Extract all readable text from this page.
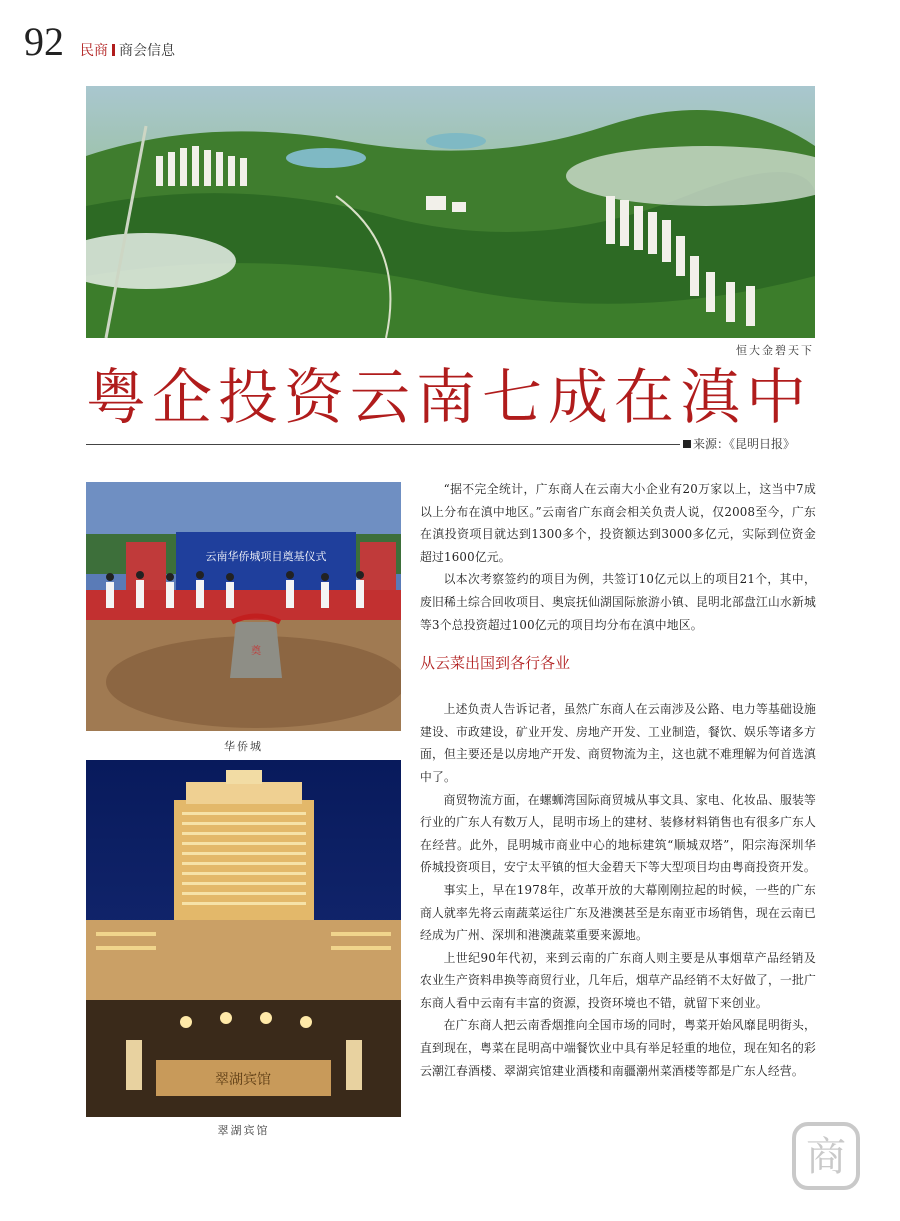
92 民商 商会信息
恒大金碧天下
粤企投资云南七成在滇中
来源：《昆明日报》
云南华侨城项目奠基仪式
奠
华侨城
翠湖宾馆
翠湖宾馆

“据不完全统计，广东商人在云南大小企业有20万家以上，这当中7成以上分布在滇中地区。”云南省广东商会相关负责人说，仅2008至今，广东在滇投资项目就达到1300多个，投资额达到3000多亿元，实际到位资金超过1600亿元。

以本次考察签约的项目为例，共签订10亿元以上的项目21个，其中，废旧稀土综合回收项目、奥宸抚仙湖国际旅游小镇、昆明北部盘江山水新城等3个总投资超过100亿元的项目均分布在滇中地区。

从云菜出国到各行各业

上述负责人告诉记者，虽然广东商人在云南涉及公路、电力等基础设施建设、市政建设，矿业开发、房地产开发、工业制造，餐饮、娱乐等诸多方面，但主要还是以房地产开发、商贸物流为主，这也就不难理解为何首选滇中了。

商贸物流方面，在螺蛳湾国际商贸城从事文具、家电、化妆品、服装等行业的广东人有数万人，昆明市场上的建材、装修材料销售也有很多广东人在经营。此外，昆明城市商业中心的地标建筑“顺城双塔”，阳宗海深圳华侨城投资项目，安宁太平镇的恒大金碧天下等大型项目均由粤商投资开发。

事实上，早在1978年，改革开放的大幕刚刚拉起的时候，一些的广东商人就率先将云南蔬菜运往广东及港澳甚至是东南亚市场销售，现在云南已经成为广州、深圳和港澳蔬菜重要来源地。

上世纪90年代初，来到云南的广东商人则主要是从事烟草产品经销及农业生产资料串换等商贸行业，几年后，烟草产品经销不太好做了，一批广东商人看中云南有丰富的资源，投资环境也不错，就留下来创业。

在广东商人把云南香烟推向全国市场的同时，粤菜开始风靡昆明街头，直到现在，粤菜在昆明高中端餐饮业中具有举足轻重的地位，现在知名的彩云潮江春酒楼、翠湖宾馆建业酒楼和南疆潮州菜酒楼等都是广东人经营。

商
